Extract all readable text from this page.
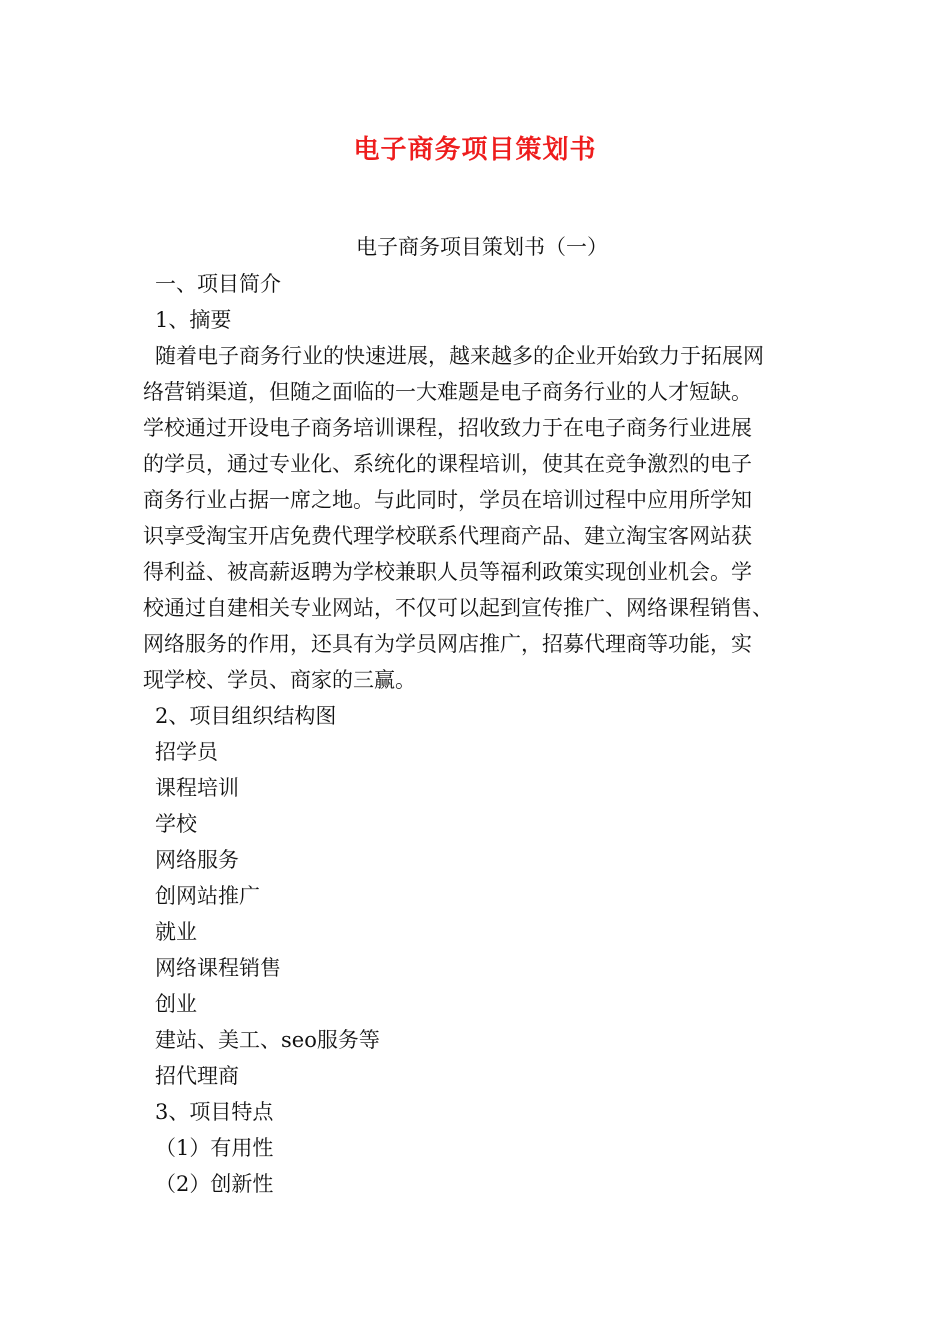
电子商务项目策划书
电子商务项目策划书（一）
一、项目简介
1、摘要
随着电子商务行业的快速进展，越来越多的企业开始致力于拓展网
络营销渠道，但随之面临的一大难题是电子商务行业的人才短缺。
学校通过开设电子商务培训课程，招收致力于在电子商务行业进展
的学员，通过专业化、系统化的课程培训，使其在竞争激烈的电子
商务行业占据一席之地。与此同时，学员在培训过程中应用所学知
识享受淘宝开店免费代理学校联系代理商产品、建立淘宝客网站获
得利益、被高薪返聘为学校兼职人员等福利政策实现创业机会。学
校通过自建相关专业网站，不仅可以起到宣传推广、网络课程销售、
网络服务的作用，还具有为学员网店推广，招募代理商等功能，实
现学校、学员、商家的三赢。
2、项目组织结构图
招学员
课程培训
学校
网络服务
创网站推广
就业
网络课程销售
创业
建站、美工、seo服务等
招代理商
3、项目特点
（1）有用性
（2）创新性
